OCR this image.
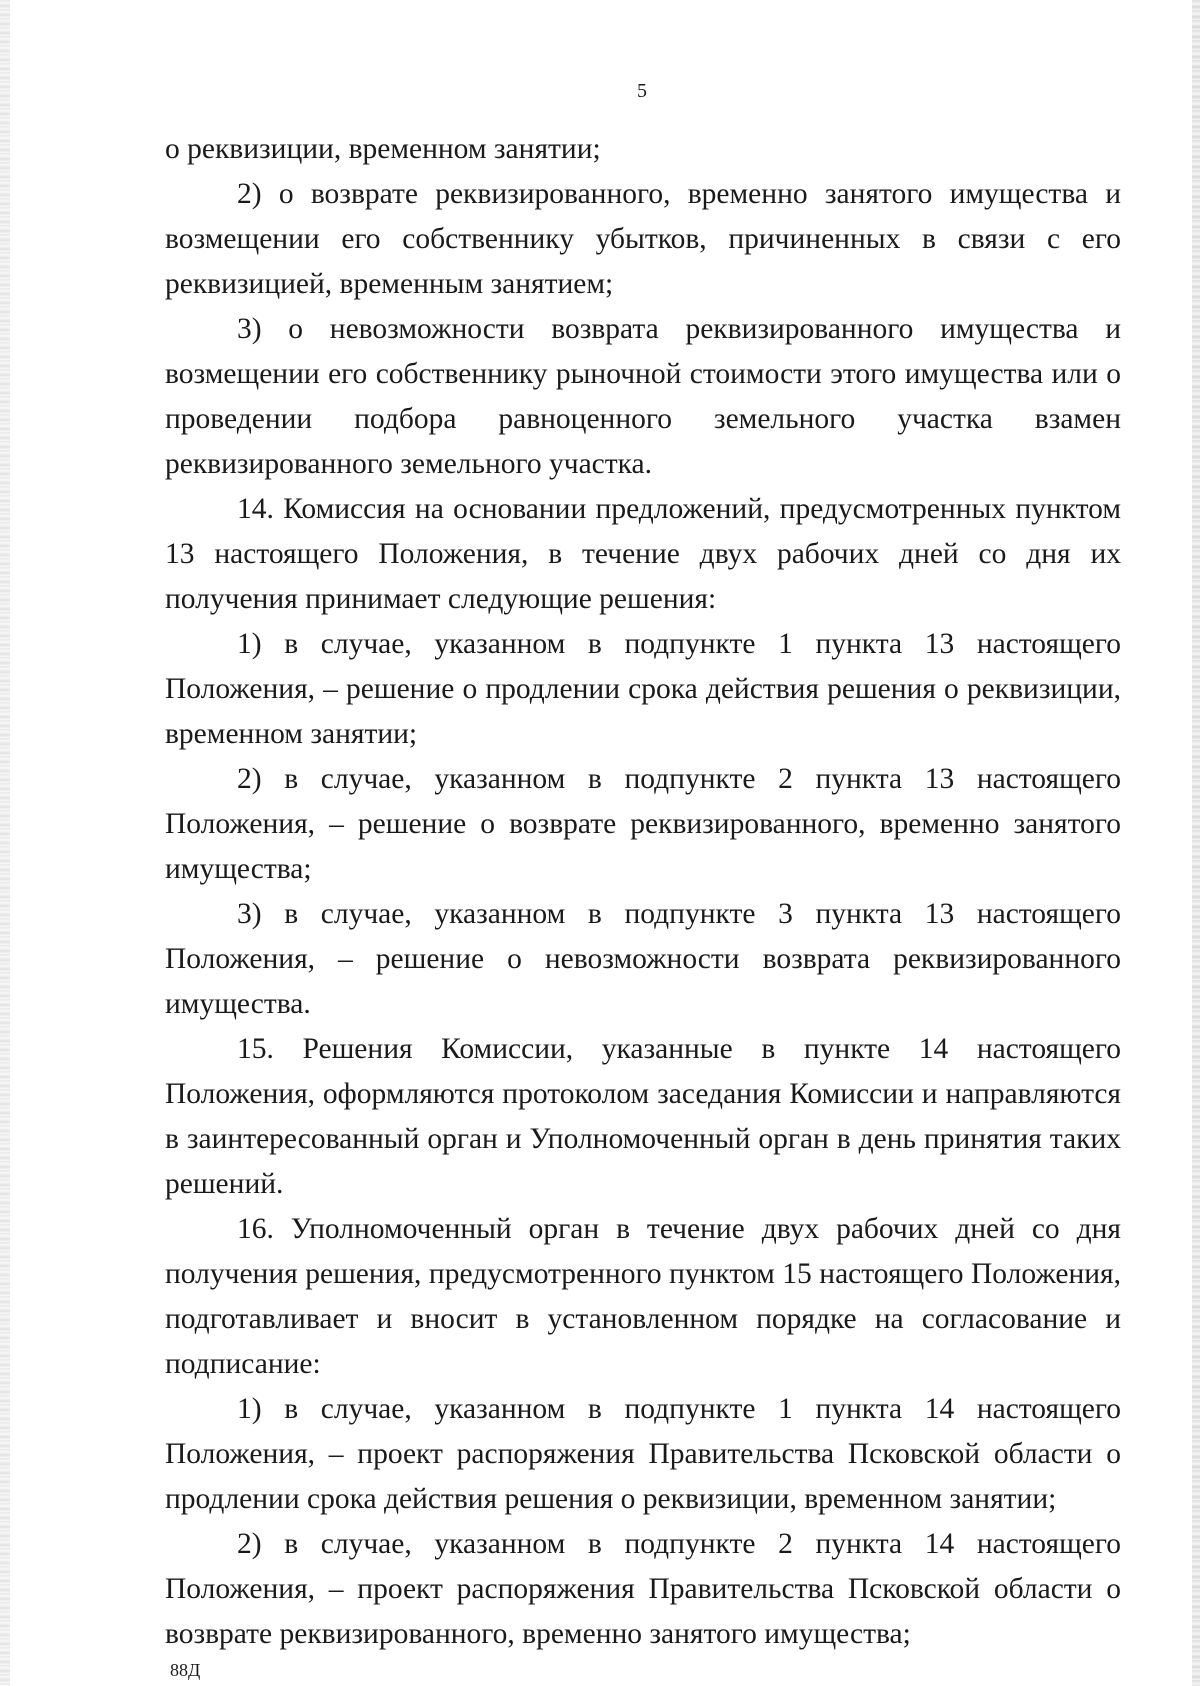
5

о реквизиции, временном занятии;

2) о возврате реквизированного, временно занятого имущества и возмещении его собственнику убытков, причиненных в связи с его реквизицией, временным занятием;

3) о невозможности возврата реквизированного имущества и возмещении его собственнику рыночной стоимости этого имущества или о проведении подбора равноценного земельного участка взамен реквизированного земельного участка.

14. Комиссия на основании предложений, предусмотренных пунктом 13 настоящего Положения, в течение двух рабочих дней со дня их получения принимает следующие решения:

1) в случае, указанном в подпункте 1 пункта 13 настоящего Положения, – решение о продлении срока действия решения о реквизиции, временном занятии;

2) в случае, указанном в подпункте 2 пункта 13 настоящего Положения, – решение о возврате реквизированного, временно занятого имущества;

3) в случае, указанном в подпункте 3 пункта 13 настоящего Положения, – решение о невозможности возврата реквизированного имущества.

15. Решения Комиссии, указанные в пункте 14 настоящего Положения, оформляются протоколом заседания Комиссии и направляются в заинтересованный орган и Уполномоченный орган в день принятия таких решений.

16. Уполномоченный орган в течение двух рабочих дней со дня получения решения, предусмотренного пунктом 15 настоящего Положения, подготавливает и вносит в установленном порядке на согласование и подписание:

1) в случае, указанном в подпункте 1 пункта 14 настоящего Положения, – проект распоряжения Правительства Псковской области о продлении срока действия решения о реквизиции, временном занятии;

2) в случае, указанном в подпункте 2 пункта 14 настоящего Положения, – проект распоряжения Правительства Псковской области о возврате реквизированного, временно занятого имущества;

88Д
